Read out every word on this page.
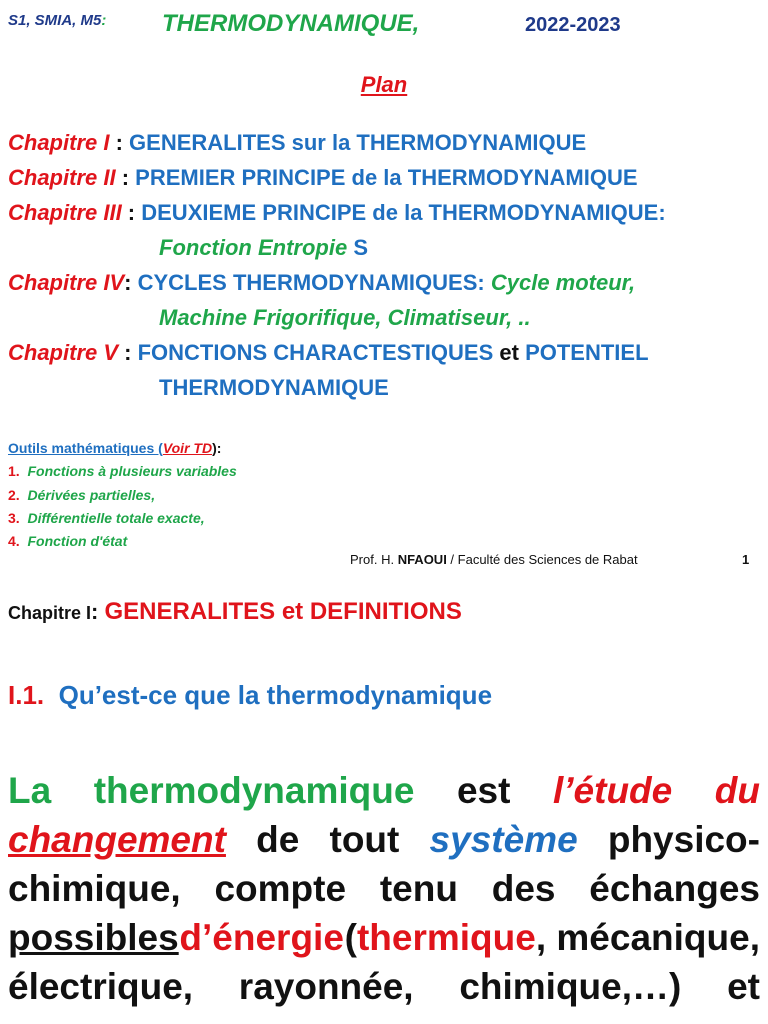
S1, SMIA, M5: THERMODYNAMIQUE,	2022-2023
Plan
Chapitre I : GENERALITES sur la THERMODYNAMIQUE
Chapitre II : PREMIER PRINCIPE de la THERMODYNAMIQUE
Chapitre III : DEUXIEME PRINCIPE de la THERMODYNAMIQUE:
Fonction Entropie S
Chapitre IV: CYCLES THERMODYNAMIQUES: Cycle moteur,
Machine Frigorifique, Climatiseur, ..
Chapitre V : FONCTIONS CHARACTESTIQUES et POTENTIEL
THERMODYNAMIQUE
Outils mathématiques (Voir TD):
1. Fonctions à plusieurs variables
2. Dérivées partielles,
3. Différentielle totale exacte,
4. Fonction d'état
Prof. H. NFAOUI / Faculté des Sciences de Rabat	1
Chapitre I: GENERALITES et DEFINITIONS
I.1. Qu’est-ce que la thermodynamique
La thermodynamique est l’étude du
changement de tout système physico-
chimique, compte tenu des échanges
possibles d’énergie (thermique, mécanique,
électrique, rayonnée, chimique,…) et
